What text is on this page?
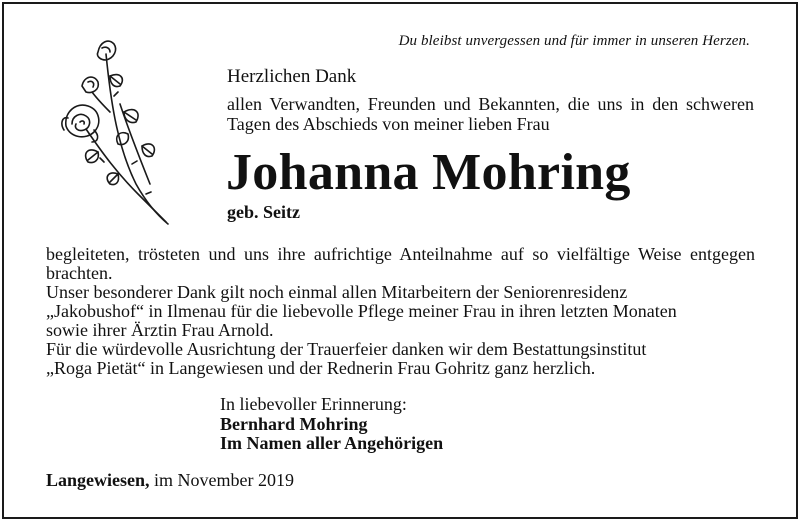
Du bleibst unvergessen und für immer in unseren Herzen.
Herzlichen Dank
allen Verwandten, Freunden und Bekannten, die uns in den schweren Tagen des Abschieds von meiner lieben Frau
Johanna Mohring
geb. Seitz

begleiteten, trösteten und uns ihre aufrichtige Anteilnahme auf so vielfältige Weise entgegen brachten.

Unser besonderer Dank gilt noch einmal allen Mitarbeitern der Seniorenresidenz

„Jakobushof“ in Ilmenau für die liebevolle Pflege meiner Frau in ihren letzten Monaten

sowie ihrer Ärztin Frau Arnold.

Für die würdevolle Ausrichtung der Trauerfeier danken wir dem Bestattungsinstitut

„Roga Pietät“ in Langewiesen und der Rednerin Frau Gohritz ganz herzlich.

In liebevoller Erinnerung:
Bernhard Mohring
Im Namen aller Angehörigen
Langewiesen, im November 2019
